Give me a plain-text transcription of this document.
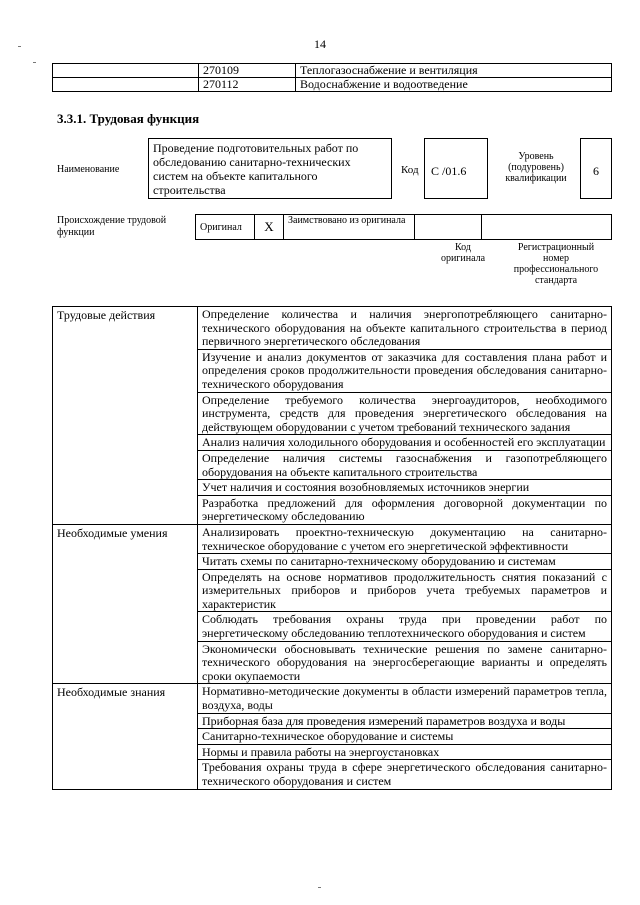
14
	270109	Теплогазоснабжение и вентиляция
	270112	Водоснабжение и водоотведение
3.3.1. Трудовая функция
Наименование
Проведение подготовительных работ по обследованию санитарно-технических систем на объекте капитального строительства
Код	C /01.6
Уровень (подуровень) квалификации
6
Происхождение трудовой функции	Оригинал	X	Заимствовано из оригинала		
Код оригинала
Регистрационный номер профессионального стандарта
Трудовые действия	Определение количества и наличия энергопотребляющего санитарно-технического оборудования на объекте капитального строительства в период первичного энергетического обследования
	Изучение и анализ документов от заказчика для составления плана работ и определения сроков продолжительности проведения обследования санитарно-технического оборудования
	Определение требуемого количества энергоаудиторов, необходимого инструмента, средств для проведения энергетического обследования на действующем оборудовании с учетом требований технического задания
	Анализ наличия холодильного оборудования и особенностей его эксплуатации
	Определение наличия системы газоснабжения и газопотребляющего оборудования на объекте капитального строительства
	Учет наличия и состояния возобновляемых источников энергии
	Разработка предложений для оформления договорной документации по энергетическому обследованию
Необходимые умения	Анализировать проектно-техническую документацию на санитарно-техническое оборудование с учетом его энергетической эффективности
	Читать схемы по санитарно-техническому оборудованию и системам
	Определять на основе нормативов продолжительность снятия показаний с измерительных приборов и приборов учета требуемых параметров и характеристик
	Соблюдать требования охраны труда при проведении работ по энергетическому обследованию теплотехнического оборудования и систем
	Экономически обосновывать технические решения по замене санитарно-технического оборудования на энергосберегающие варианты и определять сроки окупаемости
Необходимые знания	Нормативно-методические документы в области измерений параметров тепла, воздуха, воды
	Приборная база для проведения измерений параметров воздуха и воды
	Санитарно-техническое оборудование и системы
	Нормы и правила работы на энергоустановках
	Требования охраны труда в сфере энергетического обследования санитарно-технического оборудования и систем
